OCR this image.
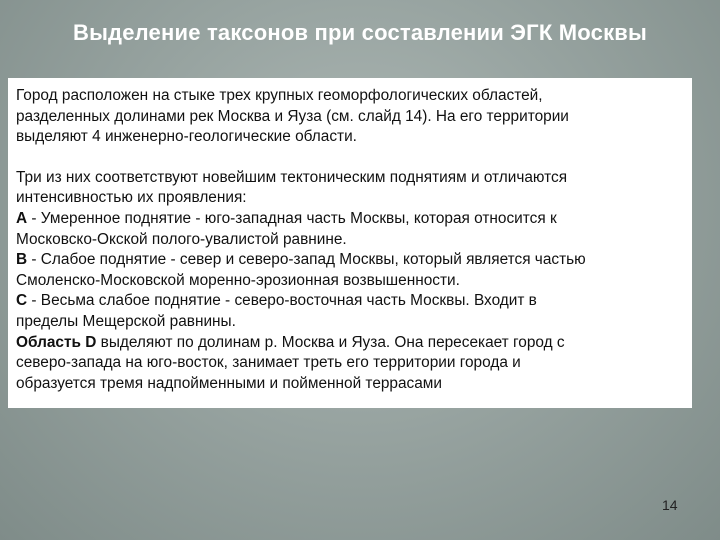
Выделение таксонов при составлении ЭГК Москвы

Город расположен на стыке трех крупных геоморфологических областей,
разделенных долинами рек Москва и Яуза (см. слайд 14). На его территории
выделяют 4 инженерно-геологические области.

Три из них соответствуют новейшим тектоническим поднятиям и отличаются
интенсивностью их проявления:
А - Умеренное поднятие - юго-западная часть Москвы, которая относится к
Московско-Окской полого-увалистой равнине.
В - Слабое поднятие - север и северо-запад Москвы, который является частью
Смоленско-Московской моренно-эрозионная возвышенности.
С - Весьма слабое поднятие - северо-восточная часть Москвы. Входит в
пределы Мещерской равнины.
Область D выделяют по долинам р. Москва и Яуза. Она пересекает город с
северо-запада на юго-восток, занимает треть его территории города и
образуется тремя надпойменными и пойменной террасами

14
